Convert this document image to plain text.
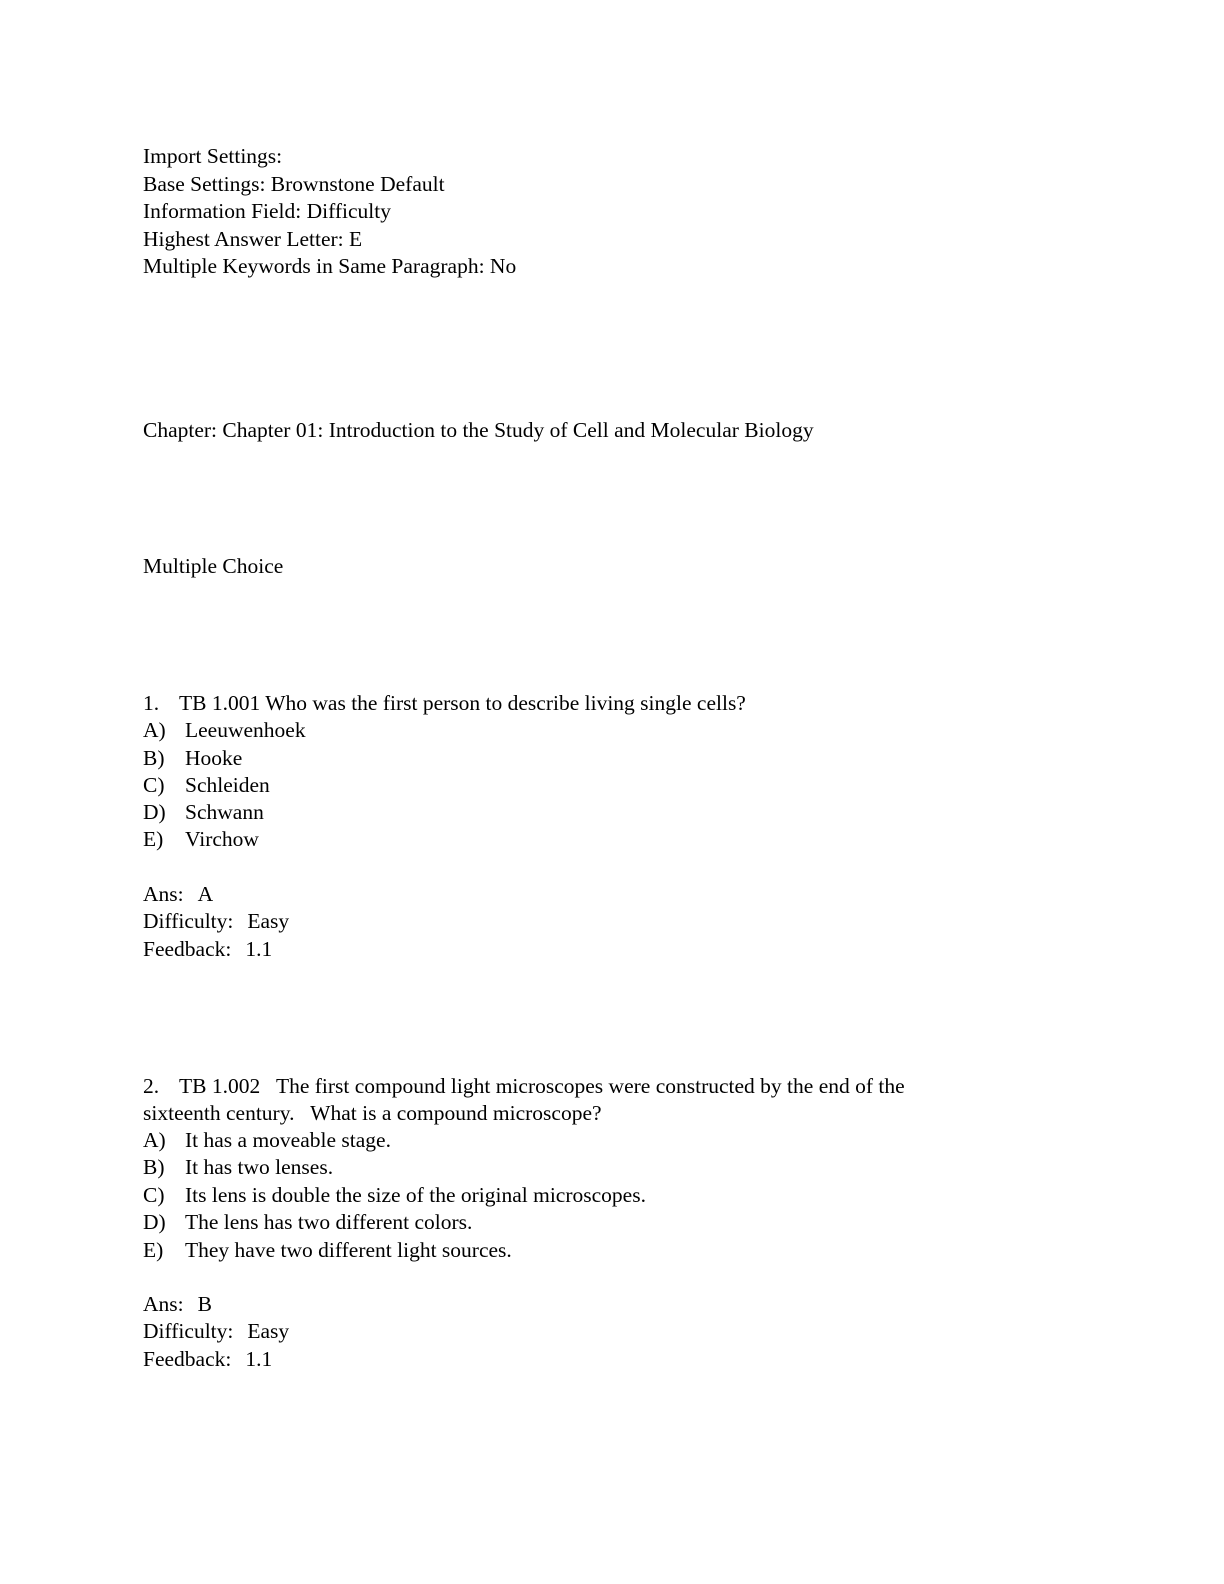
Import Settings:
Base Settings: Brownstone Default
Information Field: Difficulty
Highest Answer Letter: E
Multiple Keywords in Same Paragraph: No
Chapter: Chapter 01: Introduction to the Study of Cell and Molecular Biology
Multiple Choice
1. TB 1.001 Who was the first person to describe living single cells?
A) Leeuwenhoek
B) Hooke
C) Schleiden
D) Schwann
E) Virchow
Ans: A
Difficulty: Easy
Feedback: 1.1
2. TB 1.002   The first compound light microscopes were constructed by the end of the
sixteenth century.   What is a compound microscope?
A) It has a moveable stage.
B) It has two lenses.
C) Its lens is double the size of the original microscopes.
D) The lens has two different colors.
E) They have two different light sources.
Ans: B
Difficulty: Easy
Feedback: 1.1
